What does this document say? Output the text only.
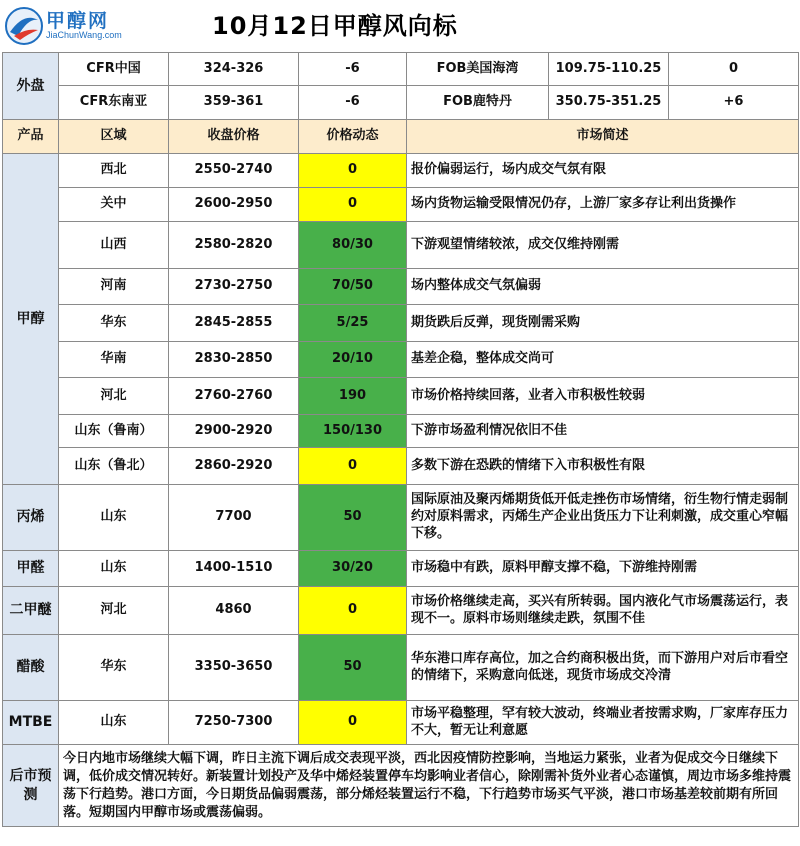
甲醇网
JiaChunWang.com	10月12日甲醇风向标
外盘	CFR中国	324-326	-6	FOB美国海湾	109.75-110.25	0
	CFR东南亚	359-361	-6	FOB鹿特丹	350.75-351.25	+6
产品	区域	收盘价格	价格动态	市场简述		
甲醇	西北	2550-2740	0	报价偏弱运行，场内成交气氛有限		
	关中	2600-2950	0	场内货物运输受限情况仍存，上游厂家多存让利出货操作		
	山西	2580-2820	80/30	下游观望情绪较浓，成交仅维持刚需		
	河南	2730-2750	70/50	场内整体成交气氛偏弱		
	华东	2845-2855	5/25	期货跌后反弹，现货刚需采购		
	华南	2830-2850	20/10	基差企稳，整体成交尚可		
	河北	2760-2760	190	市场价格持续回落，业者入市积极性较弱		
	山东（鲁南）	2900-2920	150/130	下游市场盈利情况依旧不佳		
	山东（鲁北）	2860-2920	0	多数下游在恐跌的情绪下入市积极性有限		
丙烯	山东	7700	50	国际原油及聚丙烯期货低开低走挫伤市场情绪，衍生物行情走弱制约对原料需求，丙烯生产企业出货压力下让利刺激，成交重心窄幅下移。		
甲醛	山东	1400-1510	30/20	市场稳中有跌，原料甲醇支撑不稳，下游维持刚需		
二甲醚	河北	4860	0	市场价格继续走高，买兴有所转弱。国内液化气市场震荡运行，表现不一。原料市场则继续走跌，氛围不佳		
醋酸	华东	3350-3650	50	华东港口库存高位，加之合约商积极出货，而下游用户对后市看空的情绪下，采购意向低迷，现货市场成交冷清		
MTBE	山东	7250-7300	0	市场平稳整理，罕有较大波动，终端业者按需求购，厂家库存压力不大，暂无让利意愿		
后市预测	今日内地市场继续大幅下调，昨日主流下调后成交表现平淡，西北因疫情防控影响，当地运力紧张，业者为促成交今日继续下调，低价成交情况转好。新装置计划投产及华中烯烃装置停车均影响业者信心，除刚需补货外业者心态谨慎，周边市场多维持震荡下行趋势。港口方面，今日期货品偏弱震荡，部分烯烃装置运行不稳，下行趋势市场买气平淡，港口市场基差较前期有所回落。短期国内甲醇市场或震荡偏弱。					
